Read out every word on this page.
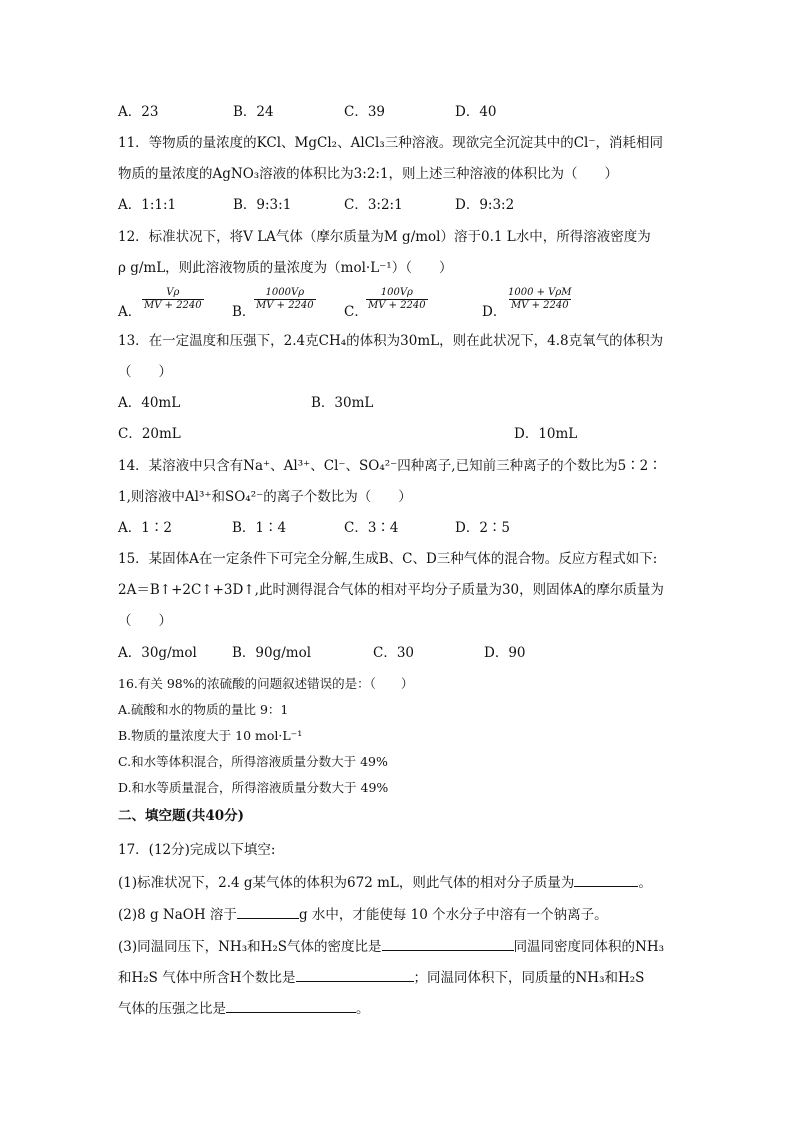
A．23	B．24	C．39	D．40
11．等物质的量浓度的KCl、MgCl₂、AlCl₃三种溶液。现欲完全沉淀其中的Cl⁻，消耗相同
物质的量浓度的AgNO₃溶液的体积比为3:2:1，则上述三种溶液的体积比为（　　）
A．1:1:1	B．9:3:1	C．3:2:1	D．9:3:2
12．标准状况下，将V LA气体（摩尔质量为M g/mol）溶于0.1 L水中，所得溶液密度为
ρ g/mL，则此溶液物质的量浓度为（mol·L⁻¹）（　　）
A． $\frac{V\rho}{MV + 2240}$ B．
$\frac{1000V\rho}{MV + 2240}$ C．
$\frac{100V\rho}{MV + 2240}$	D．
1000 + VρM
MV + 2240
13．在一定温度和压强下，2.4克CH₄的体积为30mL，则在此状况下，4.8克氧气的体积为
（　　）
A．40mL	B．30mL
C．20mL	D．10mL
14．某溶液中只含有Na⁺、Al³⁺、Cl⁻、SO₄²⁻四种离子,已知前三种离子的个数比为5∶2∶
1,则溶液中Al³⁺和SO₄²⁻的离子个数比为（　　）
A．1∶2	B．1∶4	C．3∶4	D．2∶5
15．某固体A在一定条件下可完全分解,生成B、C、D三种气体的混合物。反应方程式如下:
2A＝B↑+2C↑+3D↑,此时测得混合气体的相对平均分子质量为30，则固体A的摩尔质量为
（　　）
A．30g/mol	B．90g/mol	C．30	D．90
16.有关 98%的浓硫酸的问题叙述错误的是：（　　）
A.硫酸和水的物质的量比 9：1
B.物质的量浓度大于 10 mol·L⁻¹
C.和水等体积混合，所得溶液质量分数大于 49%
D.和水等质量混合，所得溶液质量分数大于 49%
二、填空题(共40分)
17．(12分)完成以下填空:
(1)标准状况下，2.4 g某气体的体积为672 mL，则此气体的相对分子质量为	。
(2)8 g NaOH 溶于	g 水中，才能使每 10 个水分子中溶有一个钠离子。
(3)同温同压下，NH₃和H₂S气体的密度比是	同温同密度同体积的NH₃
和H₂S 气体中所含H个数比是	；同温同体积下，同质量的NH₃和H₂S
气体的压强之比是	。
